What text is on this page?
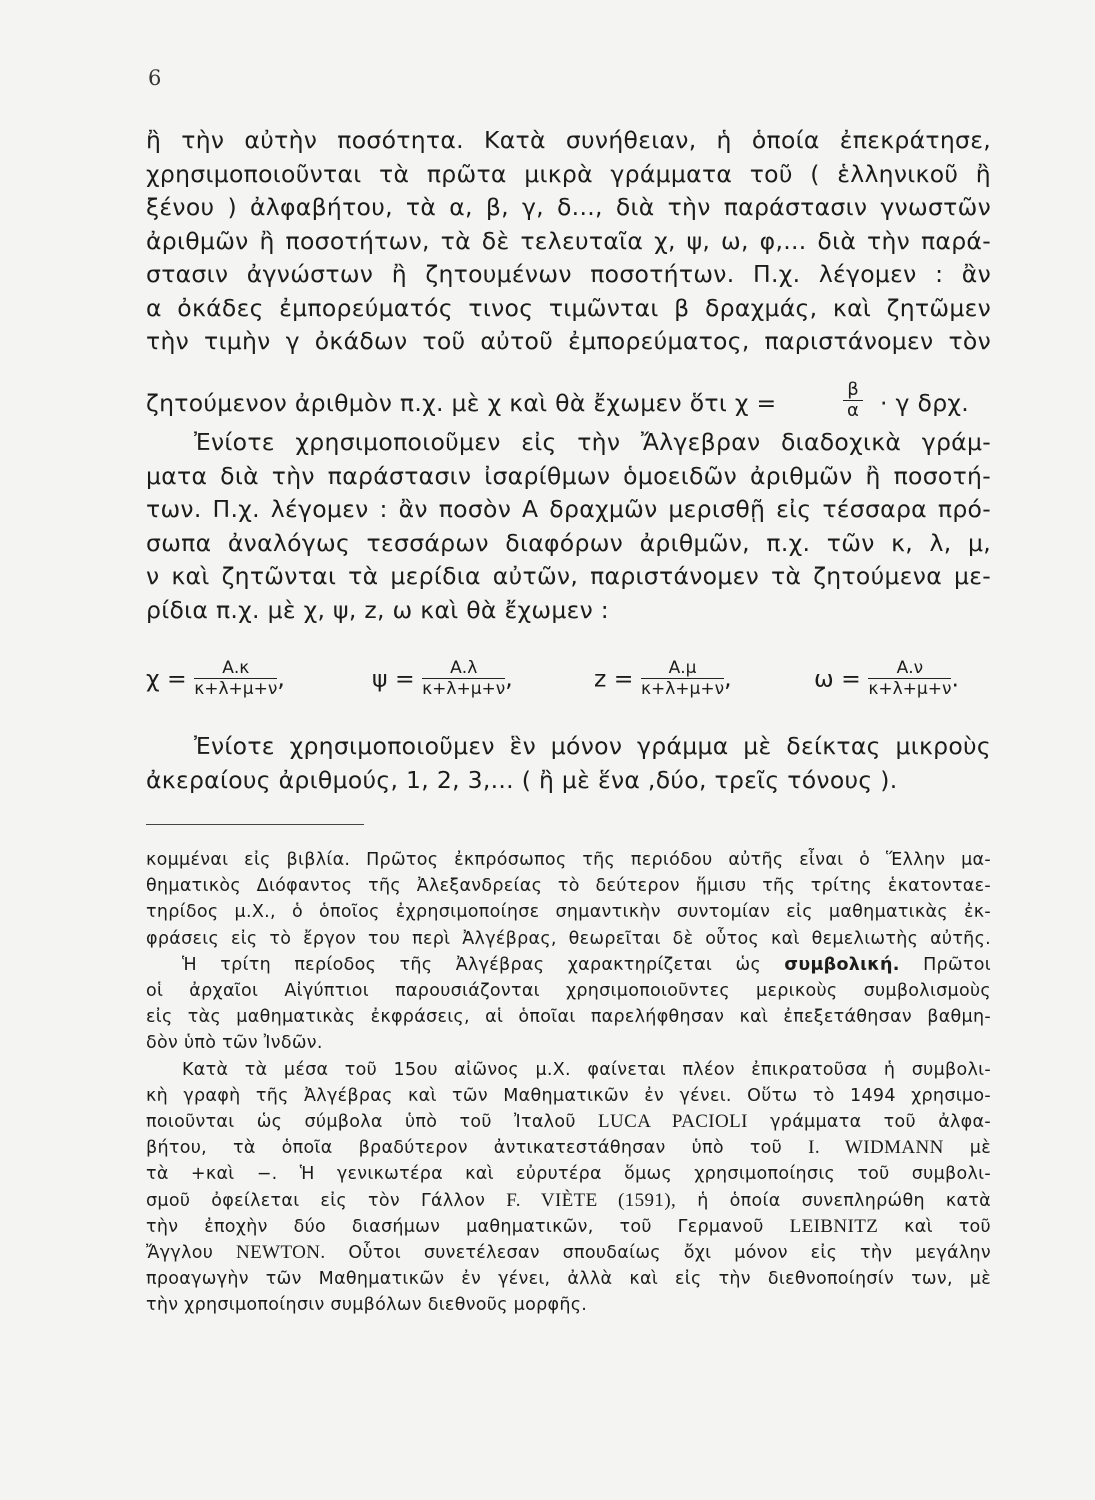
6

ἢ τὴν αὐτὴν ποσότητα. Κατὰ συνήθειαν, ἡ ὁποία ἐπεκράτησε,

χρησιμοποιοῦνται τὰ πρῶτα μικρὰ γράμματα τοῦ ( ἑλληνικοῦ ἢ

ξένου ) ἀλφαβήτου, τὰ α, β, γ, δ..., διὰ τὴν παράστασιν γνωστῶν

ἀριθμῶν ἢ ποσοτήτων, τὰ δὲ τελευταῖα χ, ψ, ω, φ,... διὰ τὴν παρά-

στασιν ἀγνώστων ἢ ζητουμένων ποσοτήτων. Π.χ. λέγομεν : ἂν

α ὀκάδες ἐμπορεύματός τινος τιμῶνται β δραχμάς, καὶ ζητῶμεν

τὴν τιμὴν γ ὀκάδων τοῦ αὐτοῦ ἐμπορεύματος, παριστάνομεν τὸν

ζητούμενον ἀριθμὸν π.χ. μὲ χ καὶ θὰ ἔχωμεν ὅτι χ =	$\frac{\beta}{\alpha} \cdot \gamma$ δρχ.

Ἐνίοτε χρησιμοποιοῦμεν εἰς τὴν Ἄλγεβραν διαδοχικὰ γράμ-

ματα διὰ τὴν παράστασιν ἰσαρίθμων ὁμοειδῶν ἀριθμῶν ἢ ποσοτή-

των. Π.χ. λέγομεν : ἂν ποσὸν Α δραχμῶν μερισθῇ εἰς τέσσαρα πρό-

σωπα ἀναλόγως τεσσάρων διαφόρων ἀριθμῶν, π.χ. τῶν κ, λ, μ,

ν καὶ ζητῶνται τὰ μερίδια αὐτῶν, παριστάνομεν τὰ ζητούμενα με-

ρίδια π.χ. μὲ χ, ψ, z, ω καὶ θὰ ἔχωμεν :

$\chi = \frac{A.\kappa}{\kappa+\lambda+\mu+\nu}$ ,	$\psi = \frac{A.\lambda}{\kappa+\lambda+\mu+\nu}$ ,	$z = \frac{A.\mu}{\kappa+\lambda+\mu+\nu}$ ,	$\omega = \frac{A.\nu}{\kappa+\lambda+\mu+\nu}$ .

Ἐνίοτε χρησιμοποιοῦμεν ἓν μόνον γράμμα μὲ δείκτας μικροὺς

ἀκεραίους ἀριθμούς, 1, 2, 3,... ( ἢ μὲ ἕνα ,δύο, τρεῖς τόνους ).

κομμέναι εἰς βιβλία. Πρῶτος ἐκπρόσωπος τῆς περιόδου αὐτῆς εἶναι ὁ Ἕλλην μα-

θηματικὸς Διόφαντος τῆς Ἀλεξανδρείας τὸ δεύτερον ἥμισυ τῆς τρίτης ἑκατονταε-

τηρίδος μ.Χ., ὁ ὁποῖος ἐχρησιμοποίησε σημαντικὴν συντομίαν εἰς μαθηματικὰς ἐκ-

φράσεις εἰς τὸ ἔργον του περὶ Ἀλγέβρας, θεωρεῖται δὲ οὗτος καὶ θεμελιωτὴς αὐτῆς.

Ἡ τρίτη περίοδος τῆς Ἀλγέβρας χαρακτηρίζεται ὡς συμβολική. Πρῶτοι

οἱ ἀρχαῖοι Αἰγύπτιοι παρουσιάζονται χρησιμοποιοῦντες μερικοὺς συμβολισμοὺς

εἰς τὰς μαθηματικὰς ἐκφράσεις, αἱ ὁποῖαι παρελήφθησαν καὶ ἐπεξετάθησαν βαθμη-

δὸν ὑπὸ τῶν Ἰνδῶν.

Κατὰ τὰ μέσα τοῦ 15ου αἰῶνος μ.Χ. φαίνεται πλέον ἐπικρατοῦσα ἡ συμβολι-

κὴ γραφὴ τῆς Ἀλγέβρας καὶ τῶν Μαθηματικῶν ἐν γένει. Οὕτω τὸ 1494 χρησιμο-

ποιοῦνται ὡς σύμβολα ὑπὸ τοῦ Ἰταλοῦ LUCA PACIOLI γράμματα τοῦ ἀλφα-

βήτου, τὰ ὁποῖα βραδύτερον ἀντικατεστάθησαν ὑπὸ τοῦ I. WIDMANN μὲ

τὰ +καὶ −. Ἡ γενικωτέρα καὶ εὐρυτέρα ὅμως χρησιμοποίησις τοῦ συμβολι-

σμοῦ ὀφείλεται εἰς τὸν Γάλλον F. VIÈTE (1591), ἡ ὁποία συνεπληρώθη κατὰ

τὴν ἐποχὴν δύο διασήμων μαθηματικῶν, τοῦ Γερμανοῦ LEIBNITZ καὶ τοῦ

Ἄγγλου NEWTON. Οὗτοι συνετέλεσαν σπουδαίως ὄχι μόνον εἰς τὴν μεγάλην

προαγωγὴν τῶν Μαθηματικῶν ἐν γένει, ἀλλὰ καὶ εἰς τὴν διεθνοποίησίν των, μὲ

τὴν χρησιμοποίησιν συμβόλων διεθνοῦς μορφῆς.
